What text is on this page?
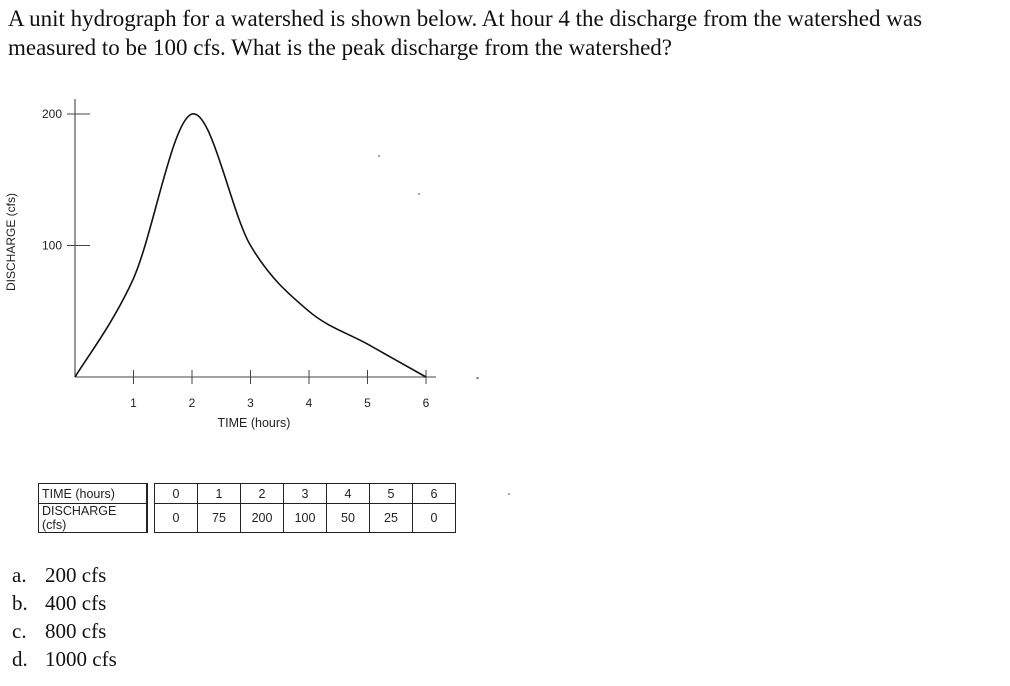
A unit hydrograph for a watershed is shown below. At hour 4 the discharge from the watershed was measured to be 100 cfs. What is the peak discharge from the watershed?

DISCHARGE (cfs)
TIME (hours)
1	2	3	4	5	6
100
200
TIME (hours)		0	1	2	3	4	5	6
DISCHARGE (cfs)		0	75	200	100	50	25	0
a. 200 cfs
b. 400 cfs
c. 800 cfs
d. 1000 cfs
